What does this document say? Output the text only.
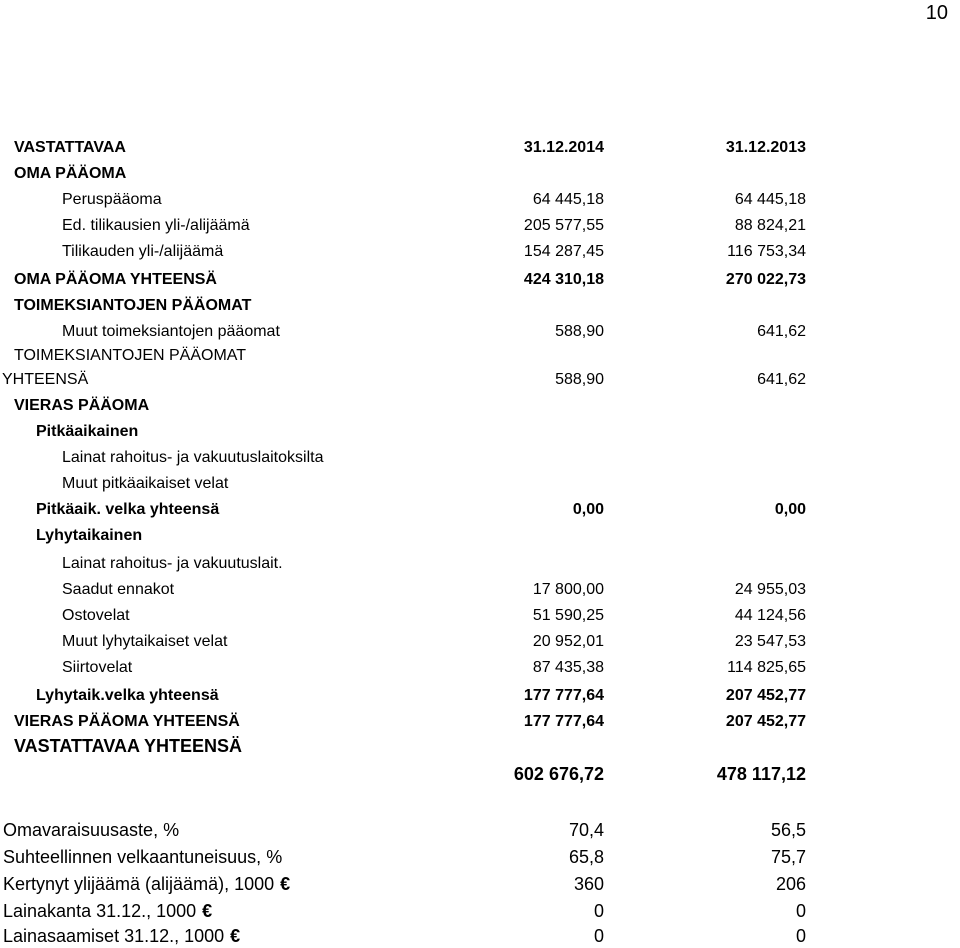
10
VASTATTAVAA	31.12.2014	31.12.2013
OMA PÄÄOMA
Peruspääoma	64 445,18	64 445,18
Ed. tilikausien yli-/alijäämä	205 577,55	88 824,21
Tilikauden yli-/alijäämä	154 287,45	116 753,34
OMA PÄÄOMA YHTEENSÄ	424 310,18	270 022,73
TOIMEKSIANTOJEN PÄÄOMAT
Muut toimeksiantojen pääomat	588,90	641,62
TOIMEKSIANTOJEN PÄÄOMAT
YHTEENSÄ	588,90	641,62
VIERAS PÄÄOMA
Pitkäaikainen
Lainat rahoitus- ja vakuutuslaitoksilta
Muut pitkäaikaiset velat
Pitkäaik. velka yhteensä	0,00	0,00
Lyhytaikainen
Lainat rahoitus- ja vakuutuslait.
Saadut ennakot	17 800,00	24 955,03
Ostovelat	51 590,25	44 124,56
Muut lyhytaikaiset velat	20 952,01	23 547,53
Siirtovelat	87 435,38	114 825,65
Lyhytaik.velka yhteensä	177 777,64	207 452,77
VIERAS PÄÄOMA YHTEENSÄ	177 777,64	207 452,77
VASTATTAVAA YHTEENSÄ
602 676,72	478 117,12
Omavaraisuusaste, %	70,4	56,5
Suhteellinnen velkaantuneisuus, %	65,8	75,7
Kertynyt ylijäämä (alijäämä), 1000 €	360	206
Lainakanta 31.12., 1000 €	0	0
Lainasaamiset 31.12., 1000 €	0	0
